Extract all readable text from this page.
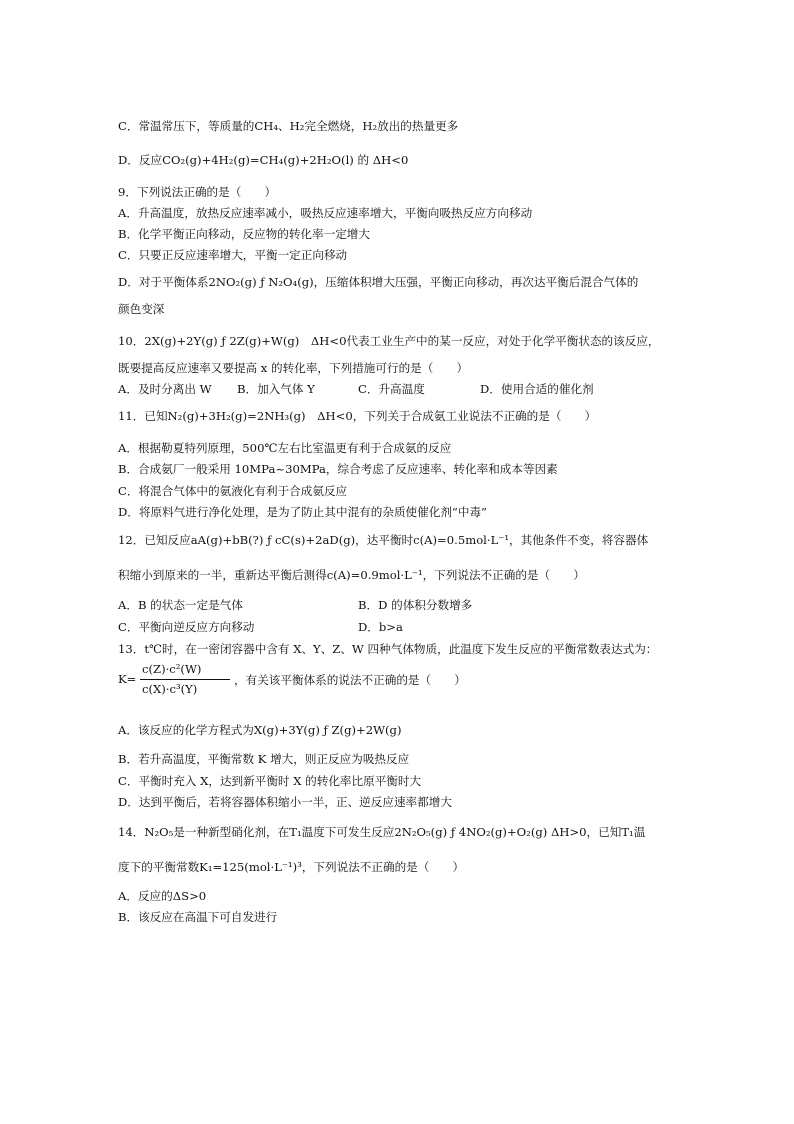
C．常温常压下，等质量的CH₄、H₂完全燃烧，H₂放出的热量更多
D．反应CO₂(g)+4H₂(g)=CH₄(g)+2H₂O(l) 的 ΔH<0
9．下列说法正确的是（　　）
A．升高温度，放热反应速率减小，吸热反应速率增大，平衡向吸热反应方向移动
B．化学平衡正向移动，反应物的转化率一定增大
C．只要正反应速率增大，平衡一定正向移动
D．对于平衡体系2NO₂(g) ƒ N₂O₄(g)，压缩体积增大压强，平衡正向移动，再次达平衡后混合气体的
颜色变深
10．2X(g)+2Y(g) ƒ 2Z(g)+W(g)　ΔH<0代表工业生产中的某一反应，对处于化学平衡状态的该反应，
既要提高反应速率又要提高 x 的转化率，下列措施可行的是（　　）
A．及时分离出 W B．加入气体 Y	C．升高温度	D．使用合适的催化剂
11．已知N₂(g)+3H₂(g)=2NH₃(g)　ΔH<0，下列关于合成氨工业说法不正确的是（　　）
A．根据勒夏特列原理，500℃左右比室温更有利于合成氨的反应
B．合成氨厂一般采用 10MPa~30MPa，综合考虑了反应速率、转化率和成本等因素
C．将混合气体中的氨液化有利于合成氨反应
D．将原料气进行净化处理，是为了防止其中混有的杂质使催化剂“中毒”
12．已知反应aA(g)+bB(?) ƒ cC(s)+2aD(g)，达平衡时c(A)=0.5mol·L⁻¹，其他条件不变，将容器体
积缩小到原来的一半，重新达平衡后测得c(A)=0.9mol·L⁻¹，下列说法不正确的是（　　）
A．B 的状态一定是气体	B．D 的体积分数增多
C．平衡向逆反应方向移动	D．b>a
13．t℃时，在一密闭容器中含有 X、Y、Z、W 四种气体物质，此温度下发生反应的平衡常数表达式为：
K=
c(Z)·c²(W)
c(X)·c³(Y)
，有关该平衡体系的说法不正确的是（　　）
A．该反应的化学方程式为X(g)+3Y(g) ƒ Z(g)+2W(g)
B．若升高温度，平衡常数 K 增大，则正反应为吸热反应
C．平衡时充入 X，达到新平衡时 X 的转化率比原平衡时大
D．达到平衡后，若将容器体积缩小一半，正、逆反应速率都增大
14．N₂O₅是一种新型硝化剂，在T₁温度下可发生反应2N₂O₅(g) ƒ 4NO₂(g)+O₂(g) ΔH>0，已知T₁温
度下的平衡常数K₁=125(mol·L⁻¹)³，下列说法不正确的是（　　）
A．反应的ΔS>0
B．该反应在高温下可自发进行
